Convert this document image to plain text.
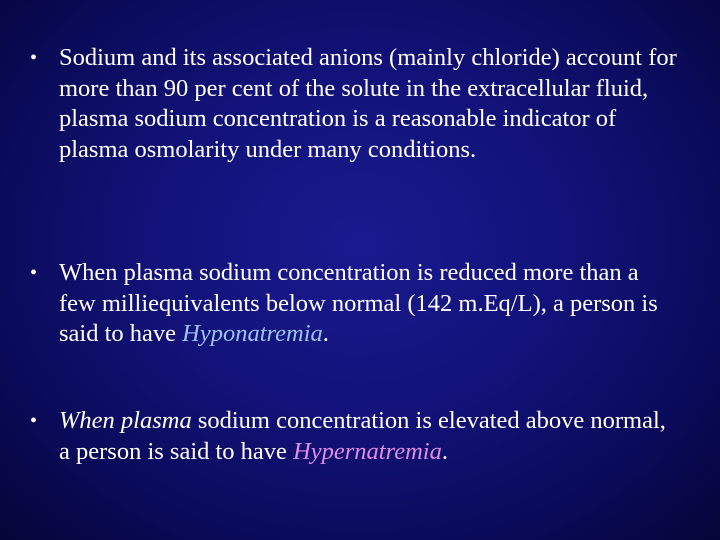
• Sodium and its associated anions (mainly chloride) account for more than 90 per cent of the solute in the extracellular fluid, plasma sodium concentration is a reasonable indicator of plasma osmolarity under many conditions.
• When plasma sodium concentration is reduced more than a few milliequivalents below normal (142 m.Eq/L), a person is said to have Hyponatremia.
• When plasma sodium concentration is elevated above normal, a person is said to have Hypernatremia.
